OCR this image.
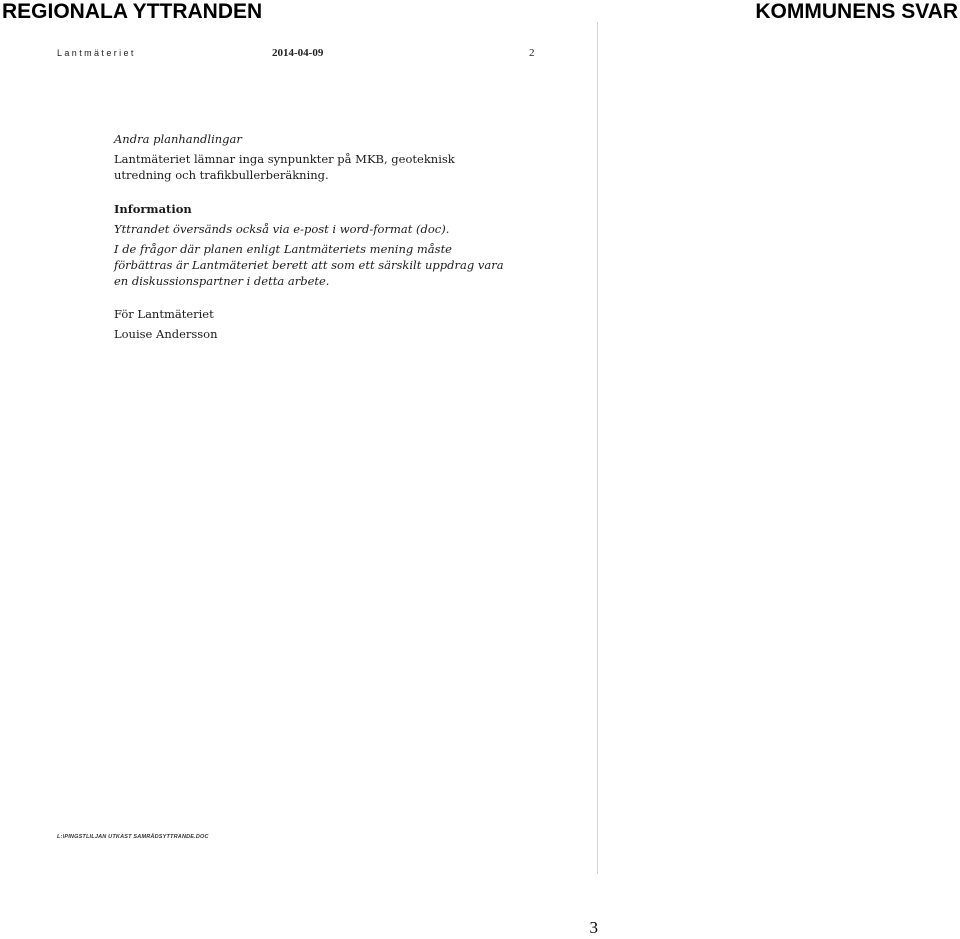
REGIONALA YTTRANDEN	KOMMUNENS SVAR
Lantmäteriet	2014-04-09	2
Andra planhandlingar
Lantmäteriet lämnar inga synpunkter på MKB, geoteknisk utredning och trafikbullerberäkning.
Information
Yttrandet översänds också via e-post i word-format (doc).
I de frågor där planen enligt Lantmäteriets mening måste förbättras är Lantmäteriet berett att som ett särskilt uppdrag vara en diskussionspartner i detta arbete.
För Lantmäteriet
Louise Andersson
L:\PINGSTLILJAN UTKAST SAMRÅDSYTTRANDE.DOC
3
